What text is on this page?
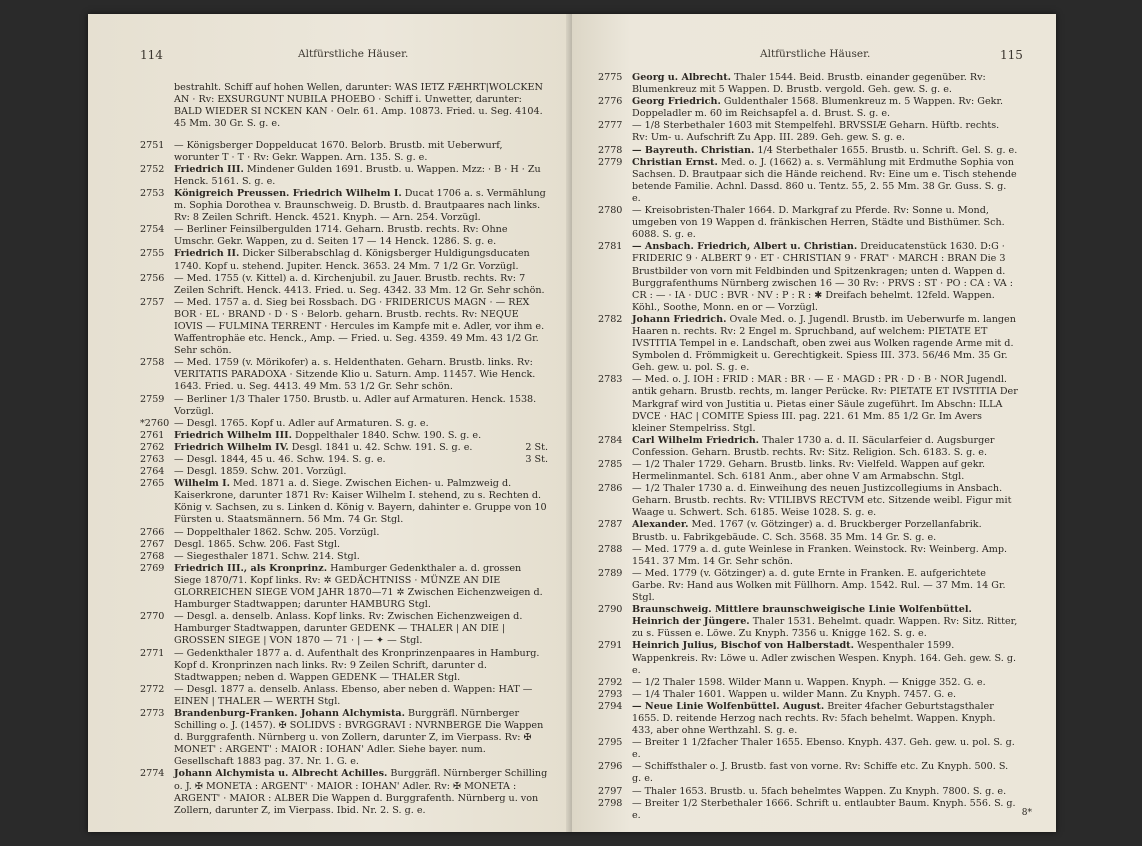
114	Altfürstliche Häuser.

bestrahlt. Schiff auf hohen Wellen, darunter: WAS IETZ FÆHRT|WOLCKEN AN · Rv: EXSURGUNT NUBILA PHOEBO · Schiff i. Unwetter, darunter: BALD WIEDER SI NCKEN KAN · Oelr. 61. Amp. 10873. Fried. u. Seg. 4104. 45 Mm. 30 Gr. S. g. e.

2751 — Königsberger Doppelducat 1670. Belorb. Brustb. mit Ueberwurf, worunter T · T · Rv: Gekr. Wappen. Arn. 135. S. g. e.

2752 Friedrich III. Mindener Gulden 1691. Brustb. u. Wappen. Mzz: · B · H · Zu Henck. 5161. S. g. e.

2753 Königreich Preussen. Friedrich Wilhelm I. Ducat 1706 a. s. Vermählung m. Sophia Dorothea v. Braunschweig. D. Brustb. d. Brautpaares nach links. Rv: 8 Zeilen Schrift. Henck. 4521. Knyph. — Arn. 254. Vorzügl.

2754 — Berliner Feinsilbergulden 1714. Geharn. Brustb. rechts. Rv: Ohne Umschr. Gekr. Wappen, zu d. Seiten 17 — 14 Henck. 1286. S. g. e.

2755 Friedrich II. Dicker Silberabschlag d. Königsberger Huldigungsducaten 1740. Kopf u. stehend. Jupiter. Henck. 3653. 24 Mm. 7 1/2 Gr. Vorzügl.

2756 — Med. 1755 (v. Kittel) a. d. Kirchenjubil. zu Jauer. Brustb. rechts. Rv: 7 Zeilen Schrift. Henck. 4413. Fried. u. Seg. 4342. 33 Mm. 12 Gr. Sehr schön.

2757 — Med. 1757 a. d. Sieg bei Rossbach. DG · FRIDERICUS MAGN · — REX BOR · EL · BRAND · D · S · Belorb. geharn. Brustb. rechts. Rv: NEQUE IOVIS — FULMINA TERRENT · Hercules im Kampfe mit e. Adler, vor ihm e. Waffentrophäe etc. Henck., Amp. — Fried. u. Seg. 4359. 49 Mm. 43 1/2 Gr. Sehr schön.

2758 — Med. 1759 (v. Mörikofer) a. s. Heldenthaten. Geharn. Brustb. links. Rv: VERITATIS PARADOXA · Sitzende Klio u. Saturn. Amp. 11457. Wie Henck. 1643. Fried. u. Seg. 4413. 49 Mm. 53 1/2 Gr. Sehr schön.

2759 — Berliner 1/3 Thaler 1750. Brustb. u. Adler auf Armaturen. Henck. 1538. Vorzügl.

*2760 — Desgl. 1765. Kopf u. Adler auf Armaturen. S. g. e.

2761 Friedrich Wilhelm III. Doppelthaler 1840. Schw. 190. S. g. e.

2762 Friedrich Wilhelm IV. Desgl. 1841 u. 42. Schw. 191. S. g. e.	2 St.

2763 — Desgl. 1844, 45 u. 46. Schw. 194. S. g. e.	3 St.

2764 — Desgl. 1859. Schw. 201. Vorzügl.

2765 Wilhelm I. Med. 1871 a. d. Siege. Zwischen Eichen- u. Palmzweig d. Kaiserkrone, darunter 1871 Rv: Kaiser Wilhelm I. stehend, zu s. Rechten d. König v. Sachsen, zu s. Linken d. König v. Bayern, dahinter e. Gruppe von 10 Fürsten u. Staatsmännern. 56 Mm. 74 Gr. Stgl.

2766 — Doppelthaler 1862. Schw. 205. Vorzügl.

2767 Desgl. 1865. Schw. 206. Fast Stgl.

2768 — Siegesthaler 1871. Schw. 214. Stgl.

2769 Friedrich III., als Kronprinz. Hamburger Gedenkthaler a. d. grossen Siege 1870/71. Kopf links. Rv: ✲ GEDÄCHTNISS · MÜNZE AN DIE GLORREICHEN SIEGE VOM JAHR 1870—71 ✲ Zwischen Eichenzweigen d. Hamburger Stadtwappen; darunter HAMBURG Stgl.

2770 — Desgl. a. denselb. Anlass. Kopf links. Rv: Zwischen Eichenzweigen d. Hamburger Stadtwappen, darunter GEDENK — THALER | AN DIE | GROSSEN SIEGE | VON 1870 — 71 · | — ✦ — Stgl.

2771 — Gedenkthaler 1877 a. d. Aufenthalt des Kronprinzenpaares in Hamburg. Kopf d. Kronprinzen nach links. Rv: 9 Zeilen Schrift, darunter d. Stadtwappen; neben d. Wappen GEDENK — THALER Stgl.

2772 — Desgl. 1877 a. denselb. Anlass. Ebenso, aber neben d. Wappen: HAT — EINEN | THALER — WERTH Stgl.

2773 Brandenburg-Franken. Johann Alchymista. Burggräfl. Nürnberger Schilling o. J. (1457). ✠ SOLIDVS : BVRGGRAVI : NVRNBERGE Die Wappen d. Burggrafenth. Nürnberg u. von Zollern, darunter Z, im Vierpass. Rv: ✠ MONET' : ARGENT' : MAIOR : IOHAN' Adler. Siehe bayer. num. Gesellschaft 1883 pag. 37. Nr. 1. G. e.

2774 Johann Alchymista u. Albrecht Achilles. Burggräfl. Nürnberger Schilling o. J. ✠ MONETA : ARGENT' · MAIOR : IOHAN' Adler. Rv: ✠ MONETA : ARGENT' · MAIOR : ALBER Die Wappen d. Burggrafenth. Nürnberg u. von Zollern, darunter Z, im Vierpass. Ibid. Nr. 2. S. g. e.

Altfürstliche Häuser.	115

2775 Georg u. Albrecht. Thaler 1544. Beid. Brustb. einander gegenüber. Rv: Blumenkreuz mit 5 Wappen. D. Brustb. vergold. Geh. gew. S. g. e.

2776 Georg Friedrich. Guldenthaler 1568. Blumenkreuz m. 5 Wappen. Rv: Gekr. Doppeladler m. 60 im Reichsapfel a. d. Brust. S. g. e.

2777 — 1/8 Sterbethaler 1603 mit Stempelfehl. BRVSSIÆ Geharn. Hüftb. rechts. Rv: Um- u. Aufschrift Zu App. III. 289. Geh. gew. S. g. e.

2778 — Bayreuth. Christian. 1/4 Sterbethaler 1655. Brustb. u. Schrift. Gel. S. g. e.

2779 Christian Ernst. Med. o. J. (1662) a. s. Vermählung mit Erdmuthe Sophia von Sachsen. D. Brautpaar sich die Hände reichend. Rv: Eine um e. Tisch stehende betende Familie. Achnl. Dassd. 860 u. Tentz. 55, 2. 55 Mm. 38 Gr. Guss. S. g. e.

2780 — Kreisobristen-Thaler 1664. D. Markgraf zu Pferde. Rv: Sonne u. Mond, umgeben von 19 Wappen d. fränkischen Herren, Städte und Bisthümer. Sch. 6088. S. g. e.

2781 — Ansbach. Friedrich, Albert u. Christian. Dreiducatenstück 1630. D:G · FRIDERIC 9 · ALBERT 9 · ET · CHRISTIAN 9 · FRAT' · MARCH : BRAN Die 3 Brustbilder von vorn mit Feldbinden und Spitzenkragen; unten d. Wappen d. Burggrafenthums Nürnberg zwischen 16 — 30 Rv: · PRVS : ST · PO : CA : VA : CR : — · IA · DUC : BVR · NV : P : R : ✱ Dreifach behelmt. 12feld. Wappen. Köhl., Soothe, Monn. en or — Vorzügl.

2782 Johann Friedrich. Ovale Med. o. J. Jugendl. Brustb. im Ueberwurfe m. langen Haaren n. rechts. Rv: 2 Engel m. Spruchband, auf welchem: PIETATE ET IVSTITIA Tempel in e. Landschaft, oben zwei aus Wolken ragende Arme mit d. Symbolen d. Frömmigkeit u. Gerechtigkeit. Spiess III. 373. 56/46 Mm. 35 Gr. Geh. gew. u. pol. S. g. e.

2783 — Med. o. J. IOH : FRID : MAR : BR · — E · MAGD : PR · D · B · NOR Jugendl. antik geharn. Brustb. rechts, m. langer Perücke. Rv: PIETATE ET IVSTITIA Der Markgraf wird von Justitia u. Pietas einer Säule zugeführt. Im Abschn: ILLA DVCE · HAC | COMITE Spiess III. pag. 221. 61 Mm. 85 1/2 Gr. Im Avers kleiner Stempelriss. Stgl.

2784 Carl Wilhelm Friedrich. Thaler 1730 a. d. II. Säcularfeier d. Augsburger Confession. Geharn. Brustb. rechts. Rv: Sitz. Religion. Sch. 6183. S. g. e.

2785 — 1/2 Thaler 1729. Geharn. Brustb. links. Rv: Vielfeld. Wappen auf gekr. Hermelinmantel. Sch. 6181 Anm., aber ohne V am Armabschn. Stgl.

2786 — 1/2 Thaler 1730 a. d. Einweihung des neuen Justizcollegiums in Ansbach. Geharn. Brustb. rechts. Rv: VTILIBVS RECTVM etc. Sitzende weibl. Figur mit Waage u. Schwert. Sch. 6185. Weise 1028. S. g. e.

2787 Alexander. Med. 1767 (v. Götzinger) a. d. Bruckberger Porzellanfabrik. Brustb. u. Fabrikgebäude. C. Sch. 3568. 35 Mm. 14 Gr. S. g. e.

2788 — Med. 1779 a. d. gute Weinlese in Franken. Weinstock. Rv: Weinberg. Amp. 1541. 37 Mm. 14 Gr. Sehr schön.

2789 — Med. 1779 (v. Götzinger) a. d. gute Ernte in Franken. E. aufgerichtete Garbe. Rv: Hand aus Wolken mit Füllhorn. Amp. 1542. Rul. — 37 Mm. 14 Gr. Stgl.

2790 Braunschweig. Mittlere braunschweigische Linie Wolfenbüttel. Heinrich der Jüngere. Thaler 1531. Behelmt. quadr. Wappen. Rv: Sitz. Ritter, zu s. Füssen e. Löwe. Zu Knyph. 7356 u. Knigge 162. S. g. e.

2791 Heinrich Julius, Bischof von Halberstadt. Wespenthaler 1599. Wappenkreis. Rv: Löwe u. Adler zwischen Wespen. Knyph. 164. Geh. gew. S. g. e.

2792 — 1/2 Thaler 1598. Wilder Mann u. Wappen. Knyph. — Knigge 352. G. e.

2793 — 1/4 Thaler 1601. Wappen u. wilder Mann. Zu Knyph. 7457. G. e.

2794 — Neue Linie Wolfenbüttel. August. Breiter 4facher Geburtstagsthaler 1655. D. reitende Herzog nach rechts. Rv: 5fach behelmt. Wappen. Knyph. 433, aber ohne Werthzahl. S. g. e.

2795 — Breiter 1 1/2facher Thaler 1655. Ebenso. Knyph. 437. Geh. gew. u. pol. S. g. e.

2796 — Schiffsthaler o. J. Brustb. fast von vorne. Rv: Schiffe etc. Zu Knyph. 500. S. g. e.

2797 — Thaler 1653. Brustb. u. 5fach behelmtes Wappen. Zu Knyph. 7800. S. g. e.

2798 — Breiter 1/2 Sterbethaler 1666. Schrift u. entlaubter Baum. Knyph. 556. S. g. e.	8*
